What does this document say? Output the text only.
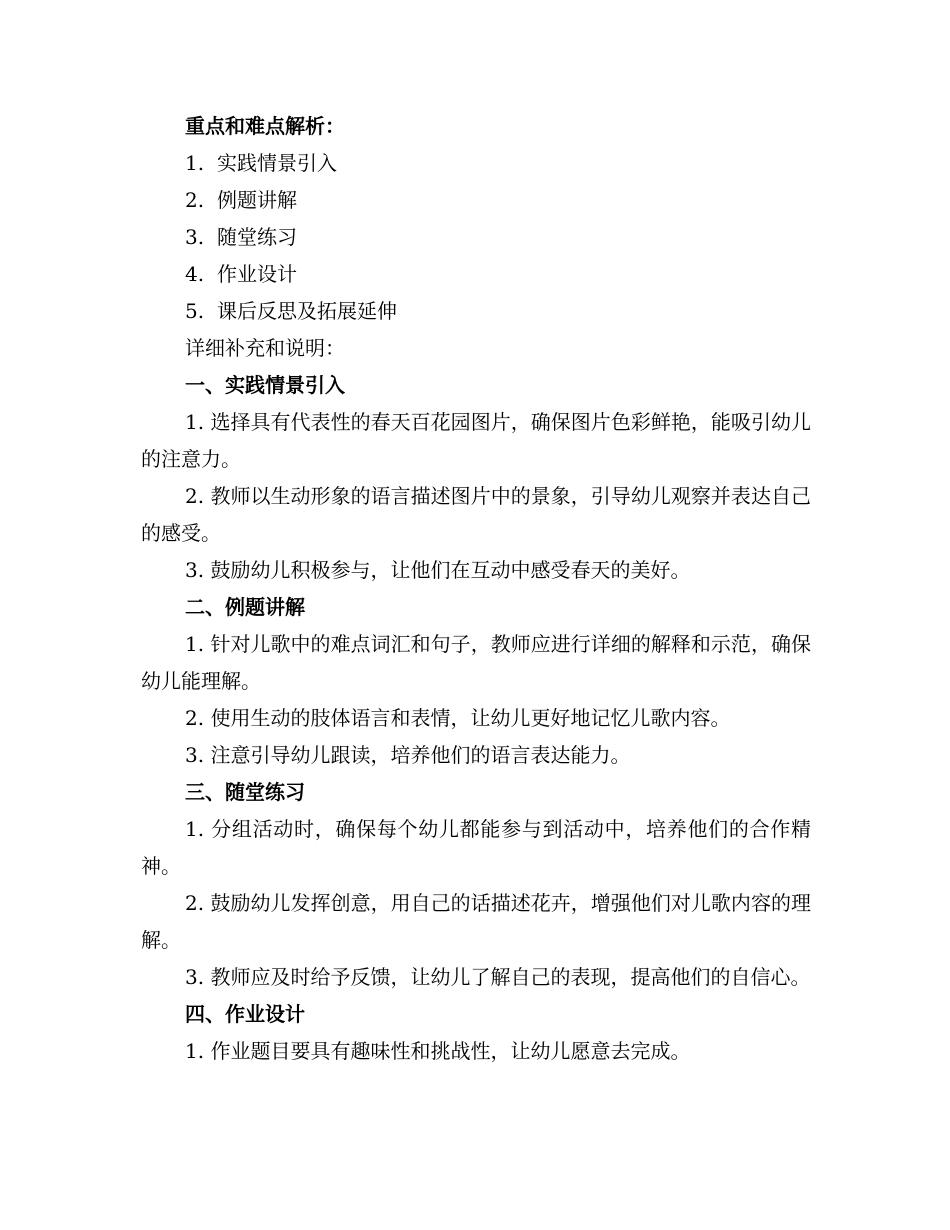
重点和难点解析：

1. 实践情景引入

2. 例题讲解

3. 随堂练习

4. 作业设计

5. 课后反思及拓展延伸

详细补充和说明：

一、实践情景引入

1. 选择具有代表性的春天百花园图片，确保图片色彩鲜艳，能吸引幼儿的注意力。

2. 教师以生动形象的语言描述图片中的景象，引导幼儿观察并表达自己的感受。

3. 鼓励幼儿积极参与，让他们在互动中感受春天的美好。

二、例题讲解

1. 针对儿歌中的难点词汇和句子，教师应进行详细的解释和示范，确保幼儿能理解。

2. 使用生动的肢体语言和表情，让幼儿更好地记忆儿歌内容。

3. 注意引导幼儿跟读，培养他们的语言表达能力。

三、随堂练习

1. 分组活动时，确保每个幼儿都能参与到活动中，培养他们的合作精神。

2. 鼓励幼儿发挥创意，用自己的话描述花卉，增强他们对儿歌内容的理解。

3. 教师应及时给予反馈，让幼儿了解自己的表现，提高他们的自信心。

四、作业设计

1. 作业题目要具有趣味性和挑战性，让幼儿愿意去完成。
